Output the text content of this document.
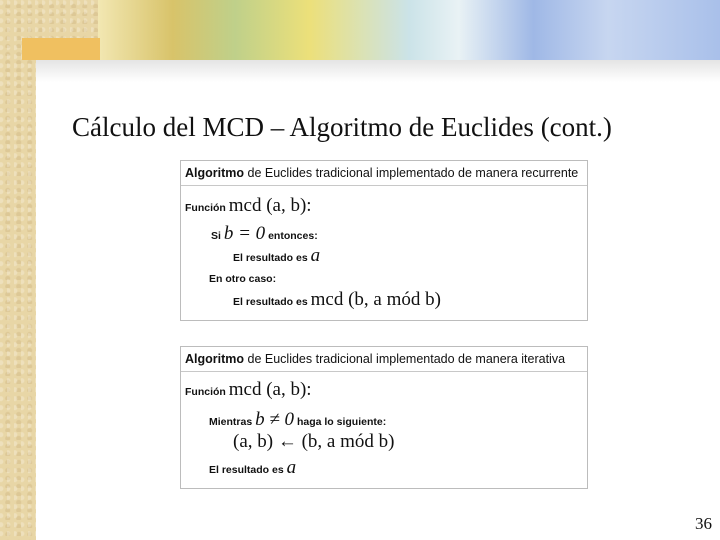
Cálculo del MCD – Algoritmo de Euclides (cont.)
Algoritmo de Euclides tradicional implementado de manera recurrente
Función mcd (a, b):
Si b = 0 entonces:
El resultado es a
En otro caso:
El resultado es mcd (b, a mód b)
Algoritmo de Euclides tradicional implementado de manera iterativa
Función mcd (a, b):
Mientras b ≠ 0 haga lo siguiente:
(a, b) ← (b, a mód b)
El resultado es a
36
